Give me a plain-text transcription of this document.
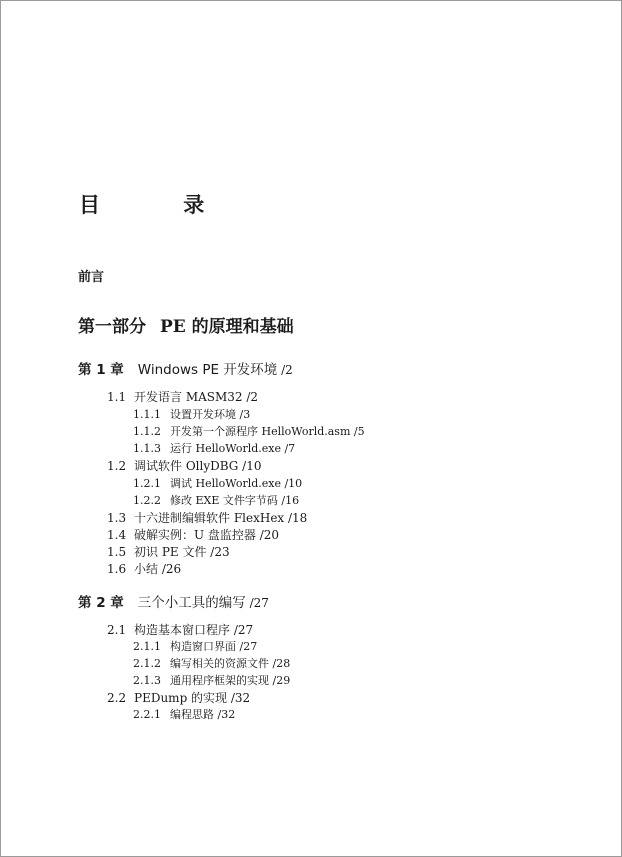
目 录
前言
第一部分 PE 的原理和基础
第 1 章 Windows PE 开发环境 /2
1.1 开发语言 MASM32 /2
1.1.1 设置开发环境 /3
1.1.2 开发第一个源程序 HelloWorld.asm /5
1.1.3 运行 HelloWorld.exe /7
1.2 调试软件 OllyDBG /10
1.2.1 调试 HelloWorld.exe /10
1.2.2 修改 EXE 文件字节码 /16
1.3 十六进制编辑软件 FlexHex /18
1.4 破解实例：U 盘监控器 /20
1.5 初识 PE 文件 /23
1.6 小结 /26
第 2 章 三个小工具的编写 /27
2.1 构造基本窗口程序 /27
2.1.1 构造窗口界面 /27
2.1.2 编写相关的资源文件 /28
2.1.3 通用程序框架的实现 /29
2.2 PEDump 的实现 /32
2.2.1 编程思路 /32
